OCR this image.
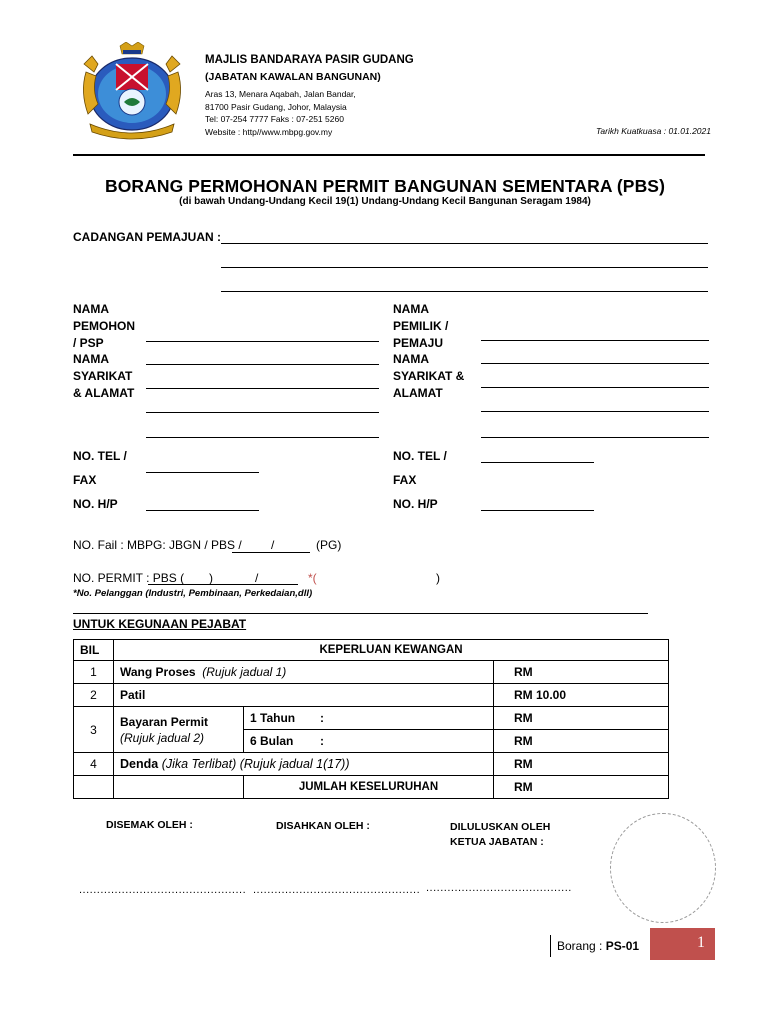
MAJLIS BANDARAYA PASIR GUDANG
(JABATAN KAWALAN BANGUNAN)
Aras 13, Menara Aqabah, Jalan Bandar,
81700 Pasir Gudang, Johor, Malaysia
Tel: 07-254 7777 Faks : 07-251 5260
Website : http//www.mbpg.gov.my	Tarikh Kuatkuasa : 01.01.2021
BORANG PERMOHONAN PERMIT BANGUNAN SEMENTARA (PBS)
(di bawah Undang-Undang Kecil 19(1) Undang-Undang Kecil Bangunan Seragam 1984)
CADANGAN PEMAJUAN :
NAMA
PEMOHON
/ PSP
NAMA
SYARIKAT
& ALAMAT
NAMA
PEMILIK /
PEMAJU
NAMA
SYARIKAT &
ALAMAT
NO. TEL /
FAX
NO. H/P
NO. TEL /
FAX
NO. H/P
NO. Fail : MBPG: JBGN / PBS / /	(PG)
NO. PERMIT : PBS ( )	/	*(	)
*No. Pelanggan (Industri, Pembinaan, Perkedaian,dll)
UNTUK KEGUNAAN PEJABAT
BIL	KEPERLUAN KEWANGAN		
1	Wang Proses (Rujuk jadual 1)		RM
2	Patil		RM 10.00
3	Bayaran Permit
(Rujuk jadual 2)	1 Tahun :	RM
		6 Bulan :	RM
4	Denda (Jika Terlibat) (Rujuk jadual 1(17))		RM
		JUMLAH KESELURUHAN	RM
DISEMAK OLEH :	DISAHKAN OLEH :	DILULUSKAN OLEH
KETUA JABATAN :
............................................... ............................................... .........................................
Borang : PS-01	1
